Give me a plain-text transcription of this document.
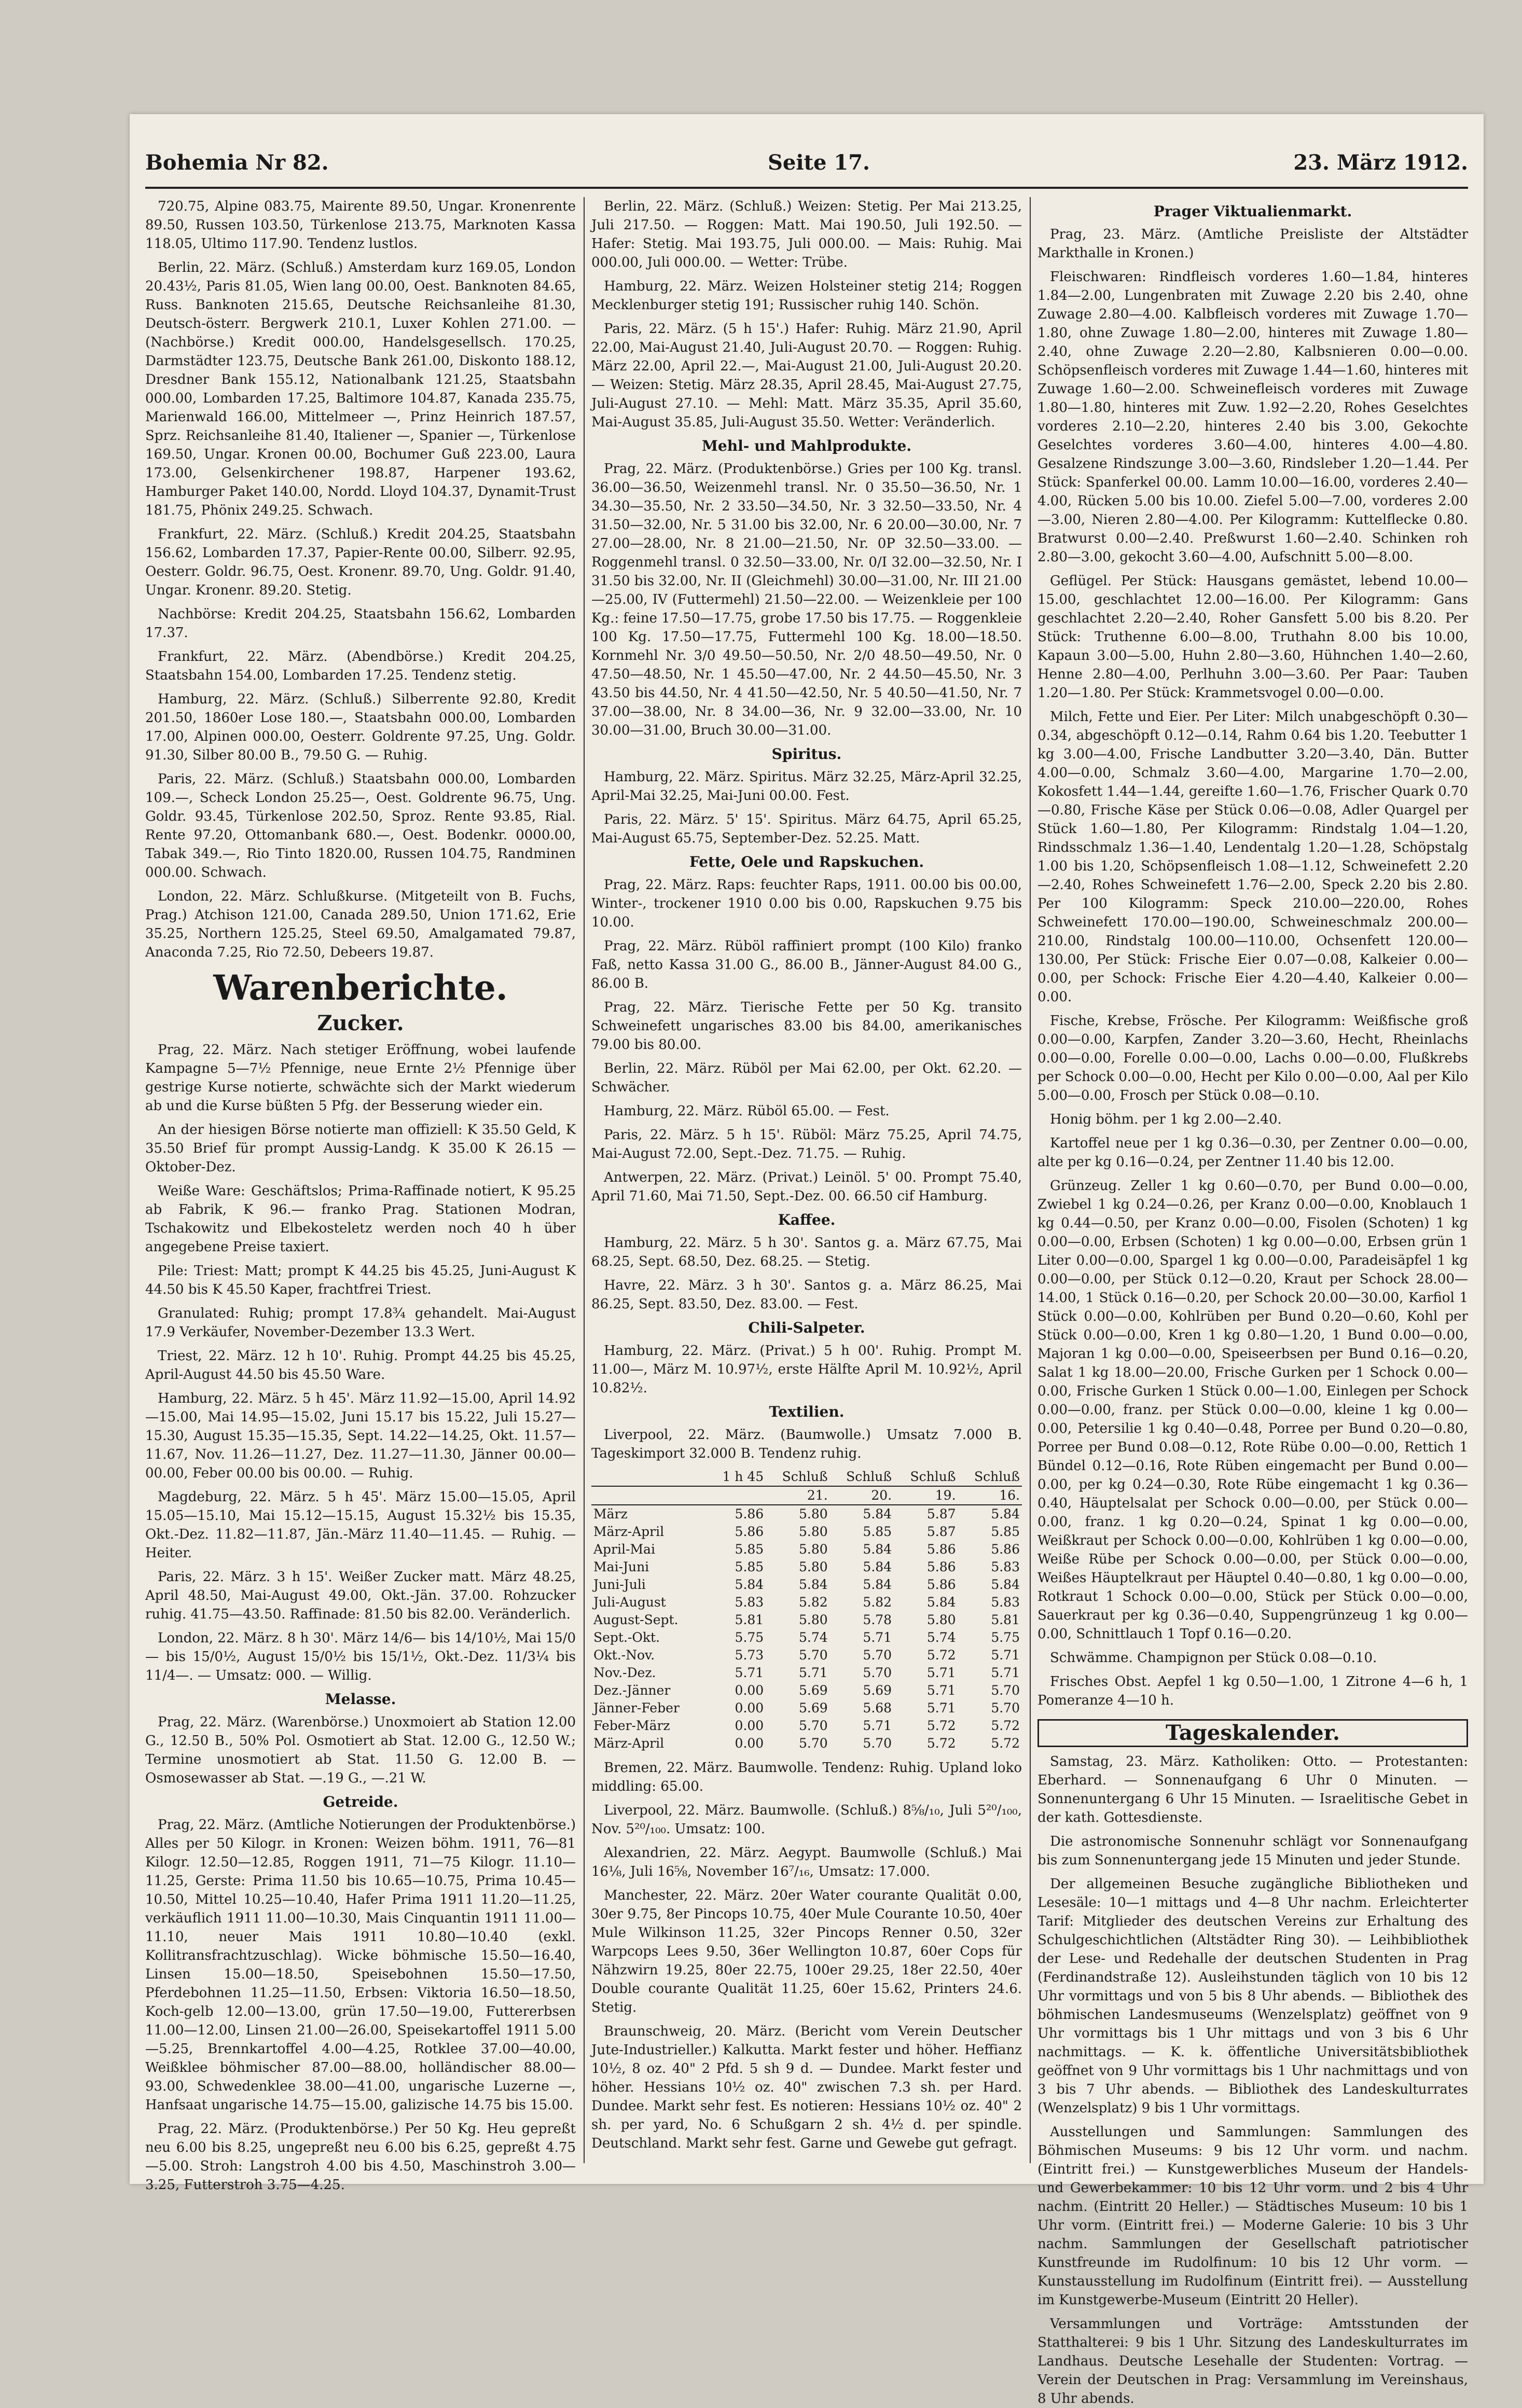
Bohemia Nr 82.	Seite 17.	23. März 1912.

720.75, Alpine 083.75, Mairente 89.50, Ungar. Kronenrente 89.50, Russen 103.50, Türkenlose 213.75, Marknoten Kassa 118.05, Ultimo 117.90. Tendenz lustlos.

Berlin, 22. März. (Schluß.) Amsterdam kurz 169.05, London 20.43½, Paris 81.05, Wien lang 00.00, Oest. Banknoten 84.65, Russ. Banknoten 215.65, Deutsche Reichsanleihe 81.30, Deutsch-österr. Bergwerk 210.1, Luxer Kohlen 271.00. — (Nachbörse.) Kredit 000.00, Handelsgesellsch. 170.25, Darmstädter 123.75, Deutsche Bank 261.00, Diskonto 188.12, Dresdner Bank 155.12, Nationalbank 121.25, Staatsbahn 000.00, Lombarden 17.25, Baltimore 104.87, Kanada 235.75, Marienwald 166.00, Mittelmeer —, Prinz Heinrich 187.57, Sprz. Reichsanleihe 81.40, Italiener —, Spanier —, Türkenlose 169.50, Ungar. Kronen 00.00, Bochumer Guß 223.00, Laura 173.00, Gelsenkirchener 198.87, Harpener 193.62, Hamburger Paket 140.00, Nordd. Lloyd 104.37, Dynamit-Trust 181.75, Phönix 249.25. Schwach.

Frankfurt, 22. März. (Schluß.) Kredit 204.25, Staatsbahn 156.62, Lombarden 17.37, Papier-Rente 00.00, Silberr. 92.95, Oesterr. Goldr. 96.75, Oest. Kronenr. 89.70, Ung. Goldr. 91.40, Ungar. Kronenr. 89.20. Stetig.

Nachbörse: Kredit 204.25, Staatsbahn 156.62, Lombarden 17.37.

Frankfurt, 22. März. (Abendbörse.) Kredit 204.25, Staatsbahn 154.00, Lombarden 17.25. Tendenz stetig.

Hamburg, 22. März. (Schluß.) Silberrente 92.80, Kredit 201.50, 1860er Lose 180.—, Staatsbahn 000.00, Lombarden 17.00, Alpinen 000.00, Oesterr. Goldrente 97.25, Ung. Goldr. 91.30, Silber 80.00 B., 79.50 G. — Ruhig.

Paris, 22. März. (Schluß.) Staatsbahn 000.00, Lombarden 109.—, Scheck London 25.25—, Oest. Goldrente 96.75, Ung. Goldr. 93.45, Türkenlose 202.50, Sproz. Rente 93.85, Rial. Rente 97.20, Ottomanbank 680.—, Oest. Bodenkr. 0000.00, Tabak 349.—, Rio Tinto 1820.00, Russen 104.75, Randminen 000.00. Schwach.

London, 22. März. Schlußkurse. (Mitgeteilt von B. Fuchs, Prag.) Atchison 121.00, Canada 289.50, Union 171.62, Erie 35.25, Northern 125.25, Steel 69.50, Amalgamated 79.87, Anaconda 7.25, Rio 72.50, Debeers 19.87.

Warenberichte.
Zucker.

Prag, 22. März. Nach stetiger Eröffnung, wobei laufende Kampagne 5—7½ Pfennige, neue Ernte 2½ Pfennige über gestrige Kurse notierte, schwächte sich der Markt wiederum ab und die Kurse büßten 5 Pfg. der Besserung wieder ein.

An der hiesigen Börse notierte man offiziell: K 35.50 Geld, K 35.50 Brief für prompt Aussig-Landg. K 35.00 K 26.15 — Oktober-Dez.

Weiße Ware: Geschäftslos; Prima-Raffinade notiert, K 95.25 ab Fabrik, K 96.— franko Prag. Stationen Modran, Tschakowitz und Elbekosteletz werden noch 40 h über angegebene Preise taxiert.

Pile: Triest: Matt; prompt K 44.25 bis 45.25, Juni-August K 44.50 bis K 45.50 Kaper, frachtfrei Triest.

Granulated: Ruhig; prompt 17.8¾ gehandelt. Mai-August 17.9 Verkäufer, November-Dezember 13.3 Wert.

Triest, 22. März. 12 h 10'. Ruhig. Prompt 44.25 bis 45.25, April-August 44.50 bis 45.50 Ware.

Hamburg, 22. März. 5 h 45'. März 11.92—15.00, April 14.92—15.00, Mai 14.95—15.02, Juni 15.17 bis 15.22, Juli 15.27—15.30, August 15.35—15.35, Sept. 14.22—14.25, Okt. 11.57—11.67, Nov. 11.26—11.27, Dez. 11.27—11.30, Jänner 00.00—00.00, Feber 00.00 bis 00.00. — Ruhig.

Magdeburg, 22. März. 5 h 45'. März 15.00—15.05, April 15.05—15.10, Mai 15.12—15.15, August 15.32½ bis 15.35, Okt.-Dez. 11.82—11.87, Jän.-März 11.40—11.45. — Ruhig. — Heiter.

Paris, 22. März. 3 h 15'. Weißer Zucker matt. März 48.25, April 48.50, Mai-August 49.00, Okt.-Jän. 37.00. Rohzucker ruhig. 41.75—43.50. Raffinade: 81.50 bis 82.00. Veränderlich.

London, 22. März. 8 h 30'. März 14/6— bis 14/10½, Mai 15/0— bis 15/0½, August 15/0½ bis 15/1½, Okt.-Dez. 11/3¼ bis 11/4—. — Umsatz: 000. — Willig.

Melasse.

Prag, 22. März. (Warenbörse.) Unoxmoiert ab Station 12.00 G., 12.50 B., 50% Pol. Osmotiert ab Stat. 12.00 G., 12.50 W.; Termine unosmotiert ab Stat. 11.50 G. 12.00 B. — Osmosewasser ab Stat. —.19 G., —.21 W.

Getreide.

Prag, 22. März. (Amtliche Notierungen der Produktenbörse.) Alles per 50 Kilogr. in Kronen: Weizen böhm. 1911, 76—81 Kilogr. 12.50—12.85, Roggen 1911, 71—75 Kilogr. 11.10—11.25, Gerste: Prima 11.50 bis 10.65—10.75, Prima 10.45—10.50, Mittel 10.25—10.40, Hafer Prima 1911 11.20—11.25, verkäuflich 1911 11.00—10.30, Mais Cinquantin 1911 11.00—11.10, neuer Mais 1911 10.80—10.40 (exkl. Kollitransfrachtzuschlag). Wicke böhmische 15.50—16.40, Linsen 15.00—18.50, Speisebohnen 15.50—17.50, Pferdebohnen 11.25—11.50, Erbsen: Viktoria 16.50—18.50, Koch-gelb 12.00—13.00, grün 17.50—19.00, Futtererbsen 11.00—12.00, Linsen 21.00—26.00, Speisekartoffel 1911 5.00—5.25, Brennkartoffel 4.00—4.25, Rotklee 37.00—40.00, Weißklee böhmischer 87.00—88.00, holländischer 88.00—93.00, Schwedenklee 38.00—41.00, ungarische Luzerne —, Hanfsaat ungarische 14.75—15.00, galizische 14.75 bis 15.00.

Prag, 22. März. (Produktenbörse.) Per 50 Kg. Heu gepreßt neu 6.00 bis 8.25, ungepreßt neu 6.00 bis 6.25, gepreßt 4.75—5.00. Stroh: Langstroh 4.00 bis 4.50, Maschinstroh 3.00—3.25, Futterstroh 3.75—4.25.

Berlin, 22. März. (Schluß.) Weizen: Stetig. Per Mai 213.25, Juli 217.50. — Roggen: Matt. Mai 190.50, Juli 192.50. — Hafer: Stetig. Mai 193.75, Juli 000.00. — Mais: Ruhig. Mai 000.00, Juli 000.00. — Wetter: Trübe.

Hamburg, 22. März. Weizen Holsteiner stetig 214; Roggen Mecklenburger stetig 191; Russischer ruhig 140. Schön.

Paris, 22. März. (5 h 15'.) Hafer: Ruhig. März 21.90, April 22.00, Mai-August 21.40, Juli-August 20.70. — Roggen: Ruhig. März 22.00, April 22.—, Mai-August 21.00, Juli-August 20.20. — Weizen: Stetig. März 28.35, April 28.45, Mai-August 27.75, Juli-August 27.10. — Mehl: Matt. März 35.35, April 35.60, Mai-August 35.85, Juli-August 35.50. Wetter: Veränderlich.

Mehl- und Mahlprodukte.

Prag, 22. März. (Produktenbörse.) Gries per 100 Kg. transl. 36.00—36.50, Weizenmehl transl. Nr. 0 35.50—36.50, Nr. 1 34.30—35.50, Nr. 2 33.50—34.50, Nr. 3 32.50—33.50, Nr. 4 31.50—32.00, Nr. 5 31.00 bis 32.00, Nr. 6 20.00—30.00, Nr. 7 27.00—28.00, Nr. 8 21.00—21.50, Nr. 0P 32.50—33.00. — Roggenmehl transl. 0 32.50—33.00, Nr. 0/I 32.00—32.50, Nr. I 31.50 bis 32.00, Nr. II (Gleichmehl) 30.00—31.00, Nr. III 21.00—25.00, IV (Futtermehl) 21.50—22.00. — Weizenkleie per 100 Kg.: feine 17.50—17.75, grobe 17.50 bis 17.75. — Roggenkleie 100 Kg. 17.50—17.75, Futtermehl 100 Kg. 18.00—18.50. Kornmehl Nr. 3/0 49.50—50.50, Nr. 2/0 48.50—49.50, Nr. 0 47.50—48.50, Nr. 1 45.50—47.00, Nr. 2 44.50—45.50, Nr. 3 43.50 bis 44.50, Nr. 4 41.50—42.50, Nr. 5 40.50—41.50, Nr. 7 37.00—38.00, Nr. 8 34.00—36, Nr. 9 32.00—33.00, Nr. 10 30.00—31.00, Bruch 30.00—31.00.

Spiritus.

Hamburg, 22. März. Spiritus. März 32.25, März-April 32.25, April-Mai 32.25, Mai-Juni 00.00. Fest.

Paris, 22. März. 5' 15'. Spiritus. März 64.75, April 65.25, Mai-August 65.75, September-Dez. 52.25. Matt.

Fette, Oele und Rapskuchen.

Prag, 22. März. Raps: feuchter Raps, 1911. 00.00 bis 00.00, Winter-, trockener 1910 0.00 bis 0.00, Rapskuchen 9.75 bis 10.00.

Prag, 22. März. Rüböl raffiniert prompt (100 Kilo) franko Faß, netto Kassa 31.00 G., 86.00 B., Jänner-August 84.00 G., 86.00 B.

Prag, 22. März. Tierische Fette per 50 Kg. transito Schweinefett ungarisches 83.00 bis 84.00, amerikanisches 79.00 bis 80.00.

Berlin, 22. März. Rüböl per Mai 62.00, per Okt. 62.20. — Schwächer.

Hamburg, 22. März. Rüböl 65.00. — Fest.

Paris, 22. März. 5 h 15'. Rüböl: März 75.25, April 74.75, Mai-August 72.00, Sept.-Dez. 71.75. — Ruhig.

Antwerpen, 22. März. (Privat.) Leinöl. 5' 00. Prompt 75.40, April 71.60, Mai 71.50, Sept.-Dez. 00. 66.50 cif Hamburg.

Kaffee.

Hamburg, 22. März. 5 h 30'. Santos g. a. März 67.75, Mai 68.25, Sept. 68.50, Dez. 68.25. — Stetig.

Havre, 22. März. 3 h 30'. Santos g. a. März 86.25, Mai 86.25, Sept. 83.50, Dez. 83.00. — Fest.

Chili-Salpeter.

Hamburg, 22. März. (Privat.) 5 h 00'. Ruhig. Prompt M. 11.00—, März M. 10.97½, erste Hälfte April M. 10.92½, April 10.82½.

Textilien.

Liverpool, 22. März. (Baumwolle.) Umsatz 7.000 B. Tageskimport 32.000 B. Tendenz ruhig.

	1 h 45	Schluß	Schluß	Schluß	Schluß
		21.	20.	19.	16.
März	5.86	5.80	5.84	5.87	5.84
März-April	5.86	5.80	5.85	5.87	5.85
April-Mai	5.85	5.80	5.84	5.86	5.86
Mai-Juni	5.85	5.80	5.84	5.86	5.83
Juni-Juli	5.84	5.84	5.84	5.86	5.84
Juli-August	5.83	5.82	5.82	5.84	5.83
August-Sept.	5.81	5.80	5.78	5.80	5.81
Sept.-Okt.	5.75	5.74	5.71	5.74	5.75
Okt.-Nov.	5.73	5.70	5.70	5.72	5.71
Nov.-Dez.	5.71	5.71	5.70	5.71	5.71
Dez.-Jänner	0.00	5.69	5.69	5.71	5.70
Jänner-Feber	0.00	5.69	5.68	5.71	5.70
Feber-März	0.00	5.70	5.71	5.72	5.72
März-April	0.00	5.70	5.70	5.72	5.72

Bremen, 22. März. Baumwolle. Tendenz: Ruhig. Upland loko middling: 65.00.

Liverpool, 22. März. Baumwolle. (Schluß.) 8⅝/₁₀, Juli 5²⁰/₁₀₀, Nov. 5²⁰/₁₀₀. Umsatz: 100.

Alexandrien, 22. März. Aegypt. Baumwolle (Schluß.) Mai 16⅛, Juli 16⅝, November 16⁷/₁₆, Umsatz: 17.000.

Manchester, 22. März. 20er Water courante Qualität 0.00, 30er 9.75, 8er Pincops 10.75, 40er Mule Courante 10.50, 40er Mule Wilkinson 11.25, 32er Pincops Renner 0.50, 32er Warpcops Lees 9.50, 36er Wellington 10.87, 60er Cops für Nähzwirn 19.25, 80er 22.75, 100er 29.25, 18er 22.50, 40er Double courante Qualität 11.25, 60er 15.62, Printers 24.6. Stetig.

Braunschweig, 20. März. (Bericht vom Verein Deutscher Jute-Industrieller.) Kalkutta. Markt fester und höher. Heffianz 10½, 8 oz. 40" 2 Pfd. 5 sh 9 d. — Dundee. Markt fester und höher. Hessians 10½ oz. 40" zwischen 7.3 sh. per Hard. Dundee. Markt sehr fest. Es notieren: Hessians 10½ oz. 40" 2 sh. per yard, No. 6 Schußgarn 2 sh. 4½ d. per spindle. Deutschland. Markt sehr fest. Garne und Gewebe gut gefragt.

Prager Viktualienmarkt.

Prag, 23. März. (Amtliche Preisliste der Altstädter Markthalle in Kronen.)

Fleischwaren: Rindfleisch vorderes 1.60—1.84, hinteres 1.84—2.00, Lungenbraten mit Zuwage 2.20 bis 2.40, ohne Zuwage 2.80—4.00. Kalbfleisch vorderes mit Zuwage 1.70—1.80, ohne Zuwage 1.80—2.00, hinteres mit Zuwage 1.80—2.40, ohne Zuwage 2.20—2.80, Kalbsnieren 0.00—0.00. Schöpsenfleisch vorderes mit Zuwage 1.44—1.60, hinteres mit Zuwage 1.60—2.00. Schweinefleisch vorderes mit Zuwage 1.80—1.80, hinteres mit Zuw. 1.92—2.20, Rohes Geselchtes vorderes 2.10—2.20, hinteres 2.40 bis 3.00, Gekochte Geselchtes vorderes 3.60—4.00, hinteres 4.00—4.80. Gesalzene Rindszunge 3.00—3.60, Rindsleber 1.20—1.44. Per Stück: Spanferkel 00.00. Lamm 10.00—16.00, vorderes 2.40—4.00, Rücken 5.00 bis 10.00. Ziefel 5.00—7.00, vorderes 2.00—3.00, Nieren 2.80—4.00. Per Kilogramm: Kuttelflecke 0.80. Bratwurst 0.00—2.40. Preßwurst 1.60—2.40. Schinken roh 2.80—3.00, gekocht 3.60—4.00, Aufschnitt 5.00—8.00.

Geflügel. Per Stück: Hausgans gemästet, lebend 10.00—15.00, geschlachtet 12.00—16.00. Per Kilogramm: Gans geschlachtet 2.20—2.40, Roher Gansfett 5.00 bis 8.20. Per Stück: Truthenne 6.00—8.00, Truthahn 8.00 bis 10.00, Kapaun 3.00—5.00, Huhn 2.80—3.60, Hühnchen 1.40—2.60, Henne 2.80—4.00, Perlhuhn 3.00—3.60. Per Paar: Tauben 1.20—1.80. Per Stück: Krammetsvogel 0.00—0.00.

Milch, Fette und Eier. Per Liter: Milch unabgeschöpft 0.30—0.34, abgeschöpft 0.12—0.14, Rahm 0.64 bis 1.20. Teebutter 1 kg 3.00—4.00, Frische Landbutter 3.20—3.40, Dän. Butter 4.00—0.00, Schmalz 3.60—4.00, Margarine 1.70—2.00, Kokosfett 1.44—1.44, gereifte 1.60—1.76, Frischer Quark 0.70—0.80, Frische Käse per Stück 0.06—0.08, Adler Quargel per Stück 1.60—1.80, Per Kilogramm: Rindstalg 1.04—1.20, Rindsschmalz 1.36—1.40, Lendentalg 1.20—1.28, Schöpstalg 1.00 bis 1.20, Schöpsenfleisch 1.08—1.12, Schweinefett 2.20—2.40, Rohes Schweinefett 1.76—2.00, Speck 2.20 bis 2.80. Per 100 Kilogramm: Speck 210.00—220.00, Rohes Schweinefett 170.00—190.00, Schweineschmalz 200.00—210.00, Rindstalg 100.00—110.00, Ochsenfett 120.00—130.00, Per Stück: Frische Eier 0.07—0.08, Kalkeier 0.00—0.00, per Schock: Frische Eier 4.20—4.40, Kalkeier 0.00—0.00.

Fische, Krebse, Frösche. Per Kilogramm: Weißfische groß 0.00—0.00, Karpfen, Zander 3.20—3.60, Hecht, Rheinlachs 0.00—0.00, Forelle 0.00—0.00, Lachs 0.00—0.00, Flußkrebs per Schock 0.00—0.00, Hecht per Kilo 0.00—0.00, Aal per Kilo 5.00—0.00, Frosch per Stück 0.08—0.10.

Honig böhm. per 1 kg 2.00—2.40.

Kartoffel neue per 1 kg 0.36—0.30, per Zentner 0.00—0.00, alte per kg 0.16—0.24, per Zentner 11.40 bis 12.00.

Grünzeug. Zeller 1 kg 0.60—0.70, per Bund 0.00—0.00, Zwiebel 1 kg 0.24—0.26, per Kranz 0.00—0.00, Knoblauch 1 kg 0.44—0.50, per Kranz 0.00—0.00, Fisolen (Schoten) 1 kg 0.00—0.00, Erbsen (Schoten) 1 kg 0.00—0.00, Erbsen grün 1 Liter 0.00—0.00, Spargel 1 kg 0.00—0.00, Paradeisäpfel 1 kg 0.00—0.00, per Stück 0.12—0.20, Kraut per Schock 28.00—14.00, 1 Stück 0.16—0.20, per Schock 20.00—30.00, Karfiol 1 Stück 0.00—0.00, Kohlrüben per Bund 0.20—0.60, Kohl per Stück 0.00—0.00, Kren 1 kg 0.80—1.20, 1 Bund 0.00—0.00, Majoran 1 kg 0.00—0.00, Speiseerbsen per Bund 0.16—0.20, Salat 1 kg 18.00—20.00, Frische Gurken per 1 Schock 0.00—0.00, Frische Gurken 1 Stück 0.00—1.00, Einlegen per Schock 0.00—0.00, franz. per Stück 0.00—0.00, kleine 1 kg 0.00—0.00, Petersilie 1 kg 0.40—0.48, Porree per Bund 0.20—0.80, Porree per Bund 0.08—0.12, Rote Rübe 0.00—0.00, Rettich 1 Bündel 0.12—0.16, Rote Rüben eingemacht per Bund 0.00—0.00, per kg 0.24—0.30, Rote Rübe eingemacht 1 kg 0.36—0.40, Häuptelsalat per Schock 0.00—0.00, per Stück 0.00—0.00, franz. 1 kg 0.20—0.24, Spinat 1 kg 0.00—0.00, Weißkraut per Schock 0.00—0.00, Kohlrüben 1 kg 0.00—0.00, Weiße Rübe per Schock 0.00—0.00, per Stück 0.00—0.00, Weißes Häuptelkraut per Häuptel 0.40—0.80, 1 kg 0.00—0.00, Rotkraut 1 Schock 0.00—0.00, Stück per Stück 0.00—0.00, Sauerkraut per kg 0.36—0.40, Suppengrünzeug 1 kg 0.00—0.00, Schnittlauch 1 Topf 0.16—0.20.

Schwämme. Champignon per Stück 0.08—0.10.

Frisches Obst. Aepfel 1 kg 0.50—1.00, 1 Zitrone 4—6 h, 1 Pomeranze 4—10 h.

Tageskalender.

Samstag, 23. März. Katholiken: Otto. — Protestanten: Eberhard. — Sonnenaufgang 6 Uhr 0 Minuten. — Sonnenuntergang 6 Uhr 15 Minuten. — Israelitische Gebet in der kath. Gottesdienste.

Die astronomische Sonnenuhr schlägt vor Sonnenaufgang bis zum Sonnenuntergang jede 15 Minuten und jeder Stunde.

Der allgemeinen Besuche zugängliche Bibliotheken und Lesesäle: 10—1 mittags und 4—8 Uhr nachm. Erleichterter Tarif: Mitglieder des deutschen Vereins zur Erhaltung des Schulgeschichtlichen (Altstädter Ring 30). — Leihbibliothek der Lese- und Redehalle der deutschen Studenten in Prag (Ferdinandstraße 12). Ausleihstunden täglich von 10 bis 12 Uhr vormittags und von 5 bis 8 Uhr abends. — Bibliothek des böhmischen Landesmuseums (Wenzelsplatz) geöffnet von 9 Uhr vormittags bis 1 Uhr mittags und von 3 bis 6 Uhr nachmittags. — K. k. öffentliche Universitätsbibliothek geöffnet von 9 Uhr vormittags bis 1 Uhr nachmittags und von 3 bis 7 Uhr abends. — Bibliothek des Landeskulturrates (Wenzelsplatz) 9 bis 1 Uhr vormittags.

Ausstellungen und Sammlungen: Sammlungen des Böhmischen Museums: 9 bis 12 Uhr vorm. und nachm. (Eintritt frei.) — Kunstgewerbliches Museum der Handels- und Gewerbekammer: 10 bis 12 Uhr vorm. und 2 bis 4 Uhr nachm. (Eintritt 20 Heller.) — Städtisches Museum: 10 bis 1 Uhr vorm. (Eintritt frei.) — Moderne Galerie: 10 bis 3 Uhr nachm. Sammlungen der Gesellschaft patriotischer Kunstfreunde im Rudolfinum: 10 bis 12 Uhr vorm. — Kunstausstellung im Rudolfinum (Eintritt frei). — Ausstellung im Kunstgewerbe-Museum (Eintritt 20 Heller).

Versammlungen und Vorträge: Amtsstunden der Statthalterei: 9 bis 1 Uhr. Sitzung des Landeskulturrates im Landhaus. Deutsche Lesehalle der Studenten: Vortrag. — Verein der Deutschen in Prag: Versammlung im Vereinshaus, 8 Uhr abends.
